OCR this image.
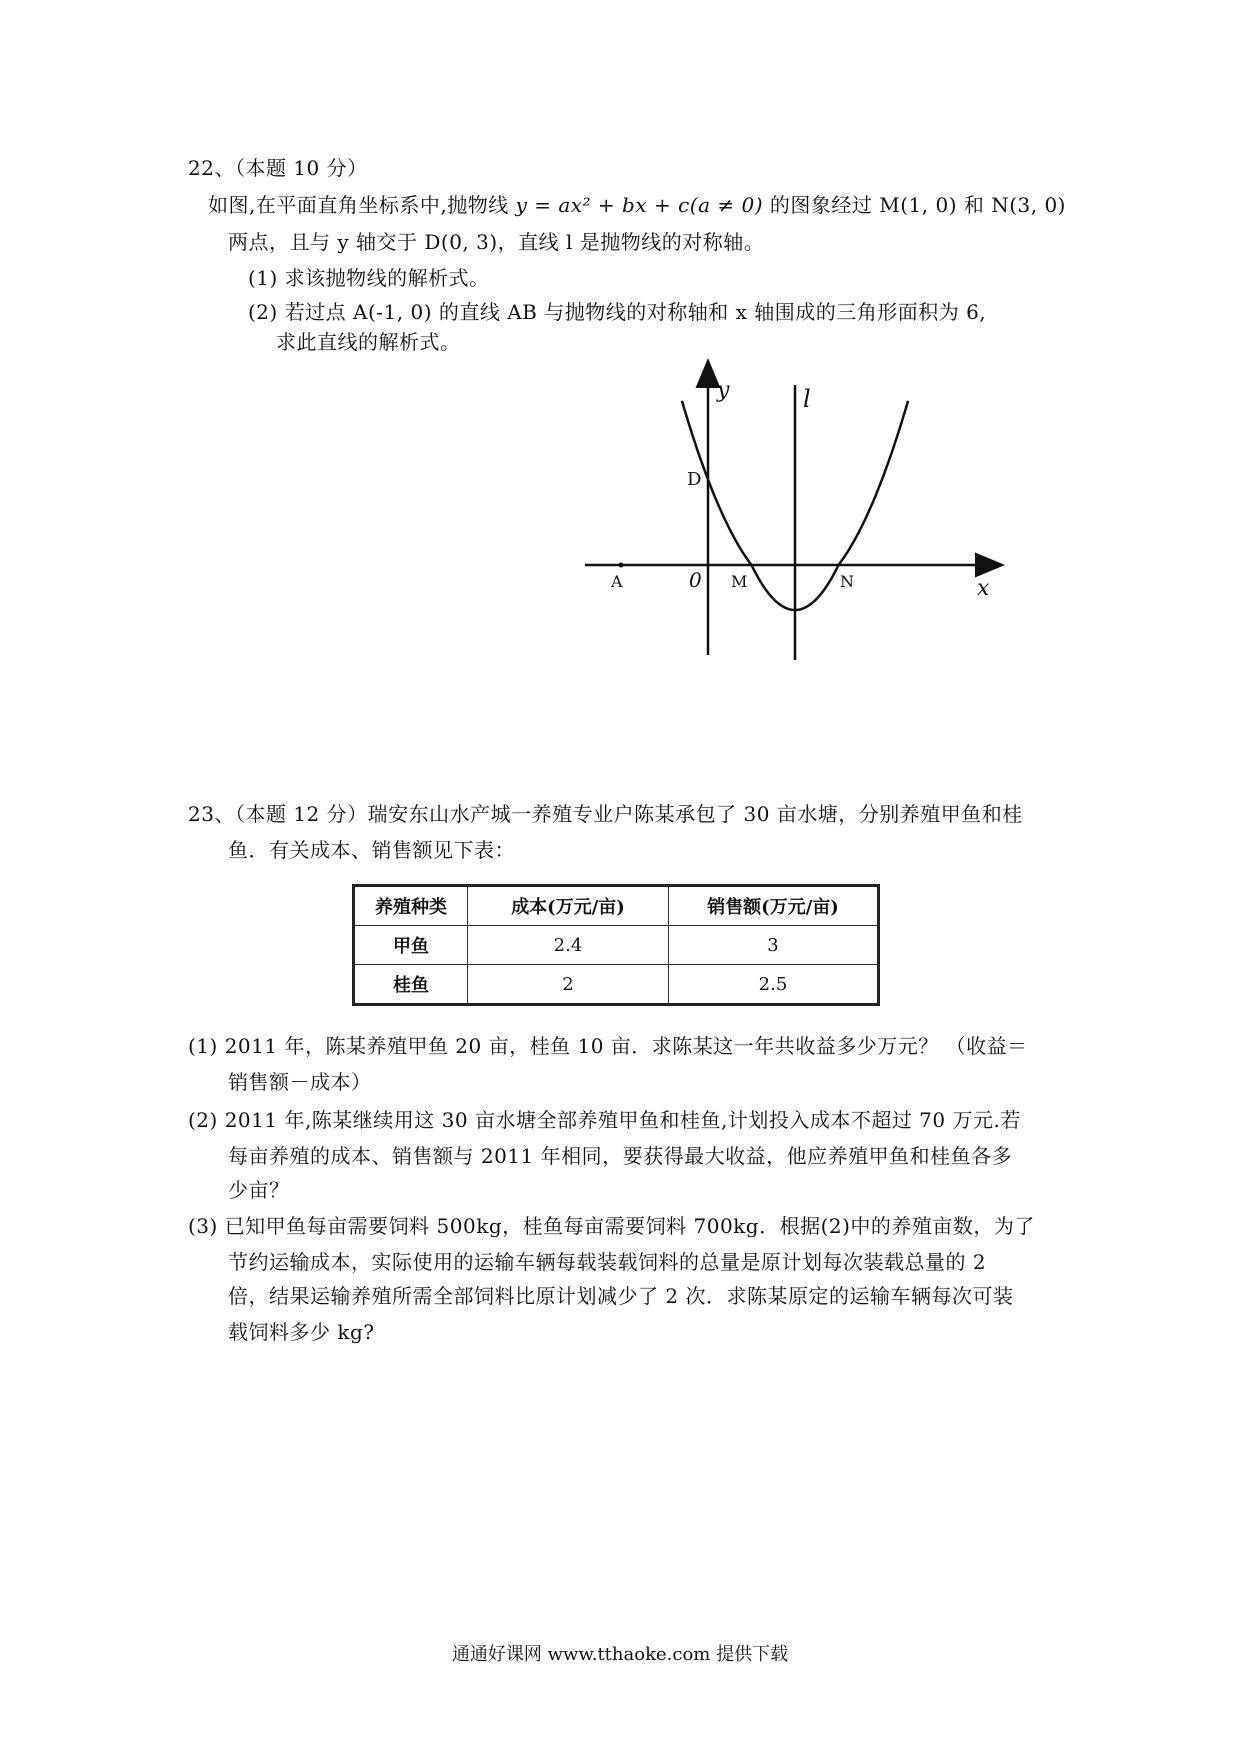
22、（本题 10 分）
如图,在平面直角坐标系中,抛物线 y = ax² + bx + c(a ≠ 0) 的图象经过 M(1, 0) 和 N(3, 0)
两点，且与 y 轴交于 D(0, 3)，直线 l 是抛物线的对称轴。
(1) 求该抛物线的解析式。
(2) 若过点 A(-1, 0) 的直线 AB 与抛物线的对称轴和 x 轴围成的三角形面积为 6,
求此直线的解析式。
y	l
D
A	0 M	N	x
23、（本题 12 分）瑞安东山水产城一养殖专业户陈某承包了 30 亩水塘，分别养殖甲鱼和桂
鱼．有关成本、销售额见下表：
养殖种类	成本(万元/亩)	销售额(万元/亩)
甲鱼	2.4	3
桂鱼	2	2.5
(1) 2011 年，陈某养殖甲鱼 20 亩，桂鱼 10 亩．求陈某这一年共收益多少万元？ （收益＝
销售额－成本）
(2) 2011 年,陈某继续用这 30 亩水塘全部养殖甲鱼和桂鱼,计划投入成本不超过 70 万元.若
每亩养殖的成本、销售额与 2011 年相同，要获得最大收益，他应养殖甲鱼和桂鱼各多
少亩？
(3) 已知甲鱼每亩需要饲料 500kg，桂鱼每亩需要饲料 700kg．根据(2)中的养殖亩数，为了
节约运输成本，实际使用的运输车辆每载装载饲料的总量是原计划每次装载总量的 2
倍，结果运输养殖所需全部饲料比原计划减少了 2 次．求陈某原定的运输车辆每次可装
载饲料多少 kg?
通通好课网 www.tthaoke.com 提供下载
